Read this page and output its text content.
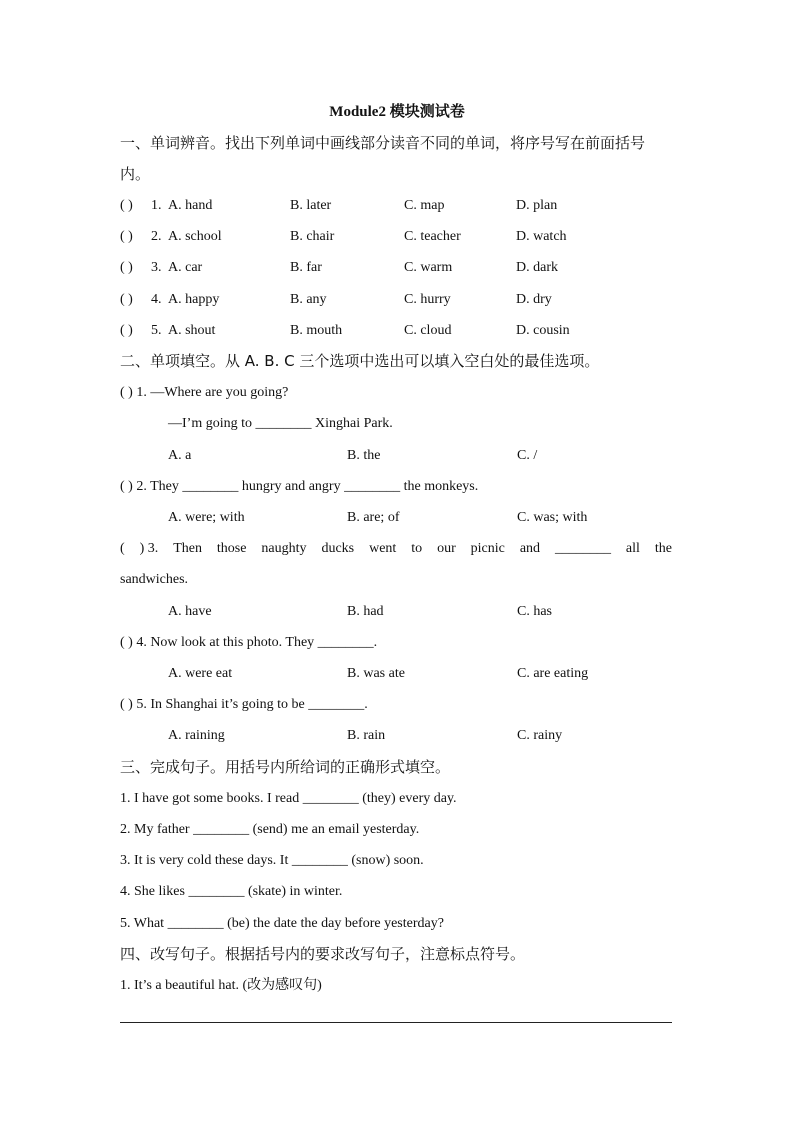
Module2 模块测试卷
一、单词辨音。找出下列单词中画线部分读音不同的单词，将序号写在前面括号
内。
( ) 1. A. hand	B. later	C. map	D. plan
( ) 2. A. school	B. chair	C. teacher	D. watch
( ) 3. A. car	B. far	C. warm	D. dark
( ) 4. A. happy	B. any	C. hurry	D. dry
( ) 5. A. shout	B. mouth	C. cloud	D. cousin
二、单项填空。从 A. B. C 三个选项中选出可以填入空白处的最佳选项。
( ) 1. —Where are you going?
—I’m going to ________ Xinghai Park.
A. a	B. the	C. /
( ) 2. They ________ hungry and angry ________ the monkeys.
A. were; with	B. are; of	C. was; with
( ) 3. Then those naughty ducks went to our picnic and ________ all the
sandwiches.
A. have	B. had	C. has
( ) 4. Now look at this photo. They ________.
A. were eat	B. was ate	C. are eating
( ) 5. In Shanghai it’s going to be ________.
A. raining	B. rain	C. rainy
三、完成句子。用括号内所给词的正确形式填空。
1. I have got some books. I read ________ (they) every day.
2. My father ________ (send) me an email yesterday.
3. It is very cold these days. It ________ (snow) soon.
4. She likes ________ (skate) in winter.
5. What ________ (be) the date the day before yesterday?
四、改写句子。根据括号内的要求改写句子，注意标点符号。
1. It’s a beautiful hat. (改为感叹句)
